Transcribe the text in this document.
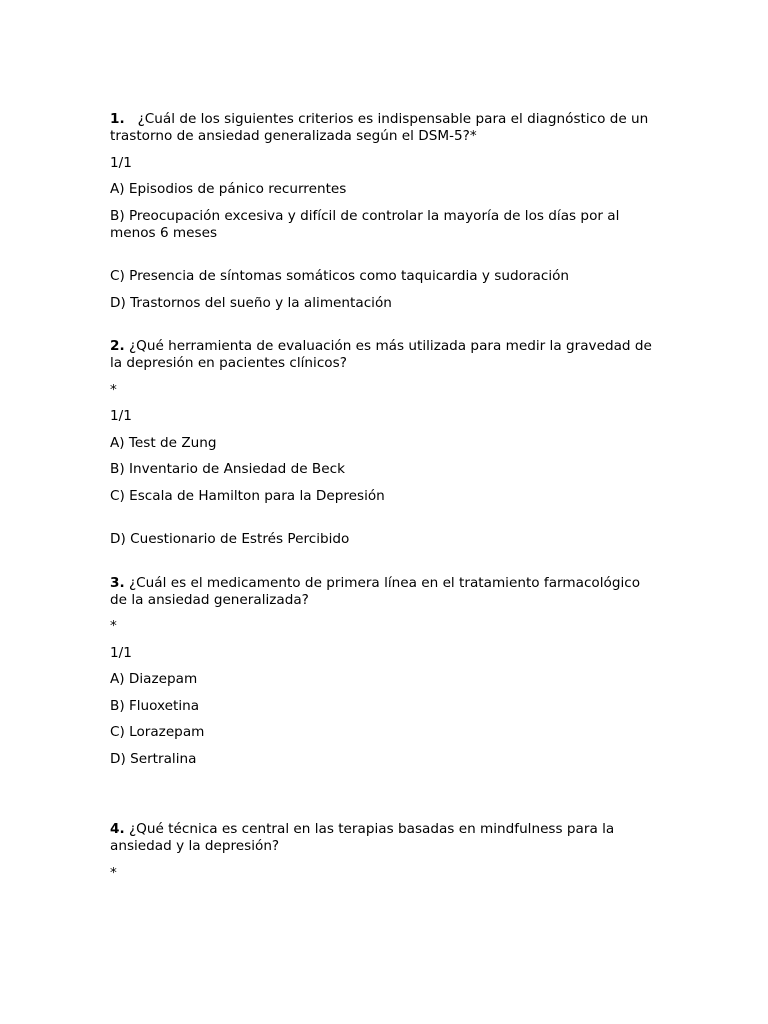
1. ¿Cuál de los siguientes criterios es indispensable para el diagnóstico de un trastorno de ansiedad generalizada según el DSM-5?*

1/1

A) Episodios de pánico recurrentes

B) Preocupación excesiva y difícil de controlar la mayoría de los días por al menos 6 meses

C) Presencia de síntomas somáticos como taquicardia y sudoración

D) Trastornos del sueño y la alimentación

2. ¿Qué herramienta de evaluación es más utilizada para medir la gravedad de la depresión en pacientes clínicos?

*

1/1

A) Test de Zung

B) Inventario de Ansiedad de Beck

C) Escala de Hamilton para la Depresión

D) Cuestionario de Estrés Percibido

3. ¿Cuál es el medicamento de primera línea en el tratamiento farmacológico de la ansiedad generalizada?

*

1/1

A) Diazepam

B) Fluoxetina

C) Lorazepam

D) Sertralina

4. ¿Qué técnica es central en las terapias basadas en mindfulness para la ansiedad y la depresión?

*
